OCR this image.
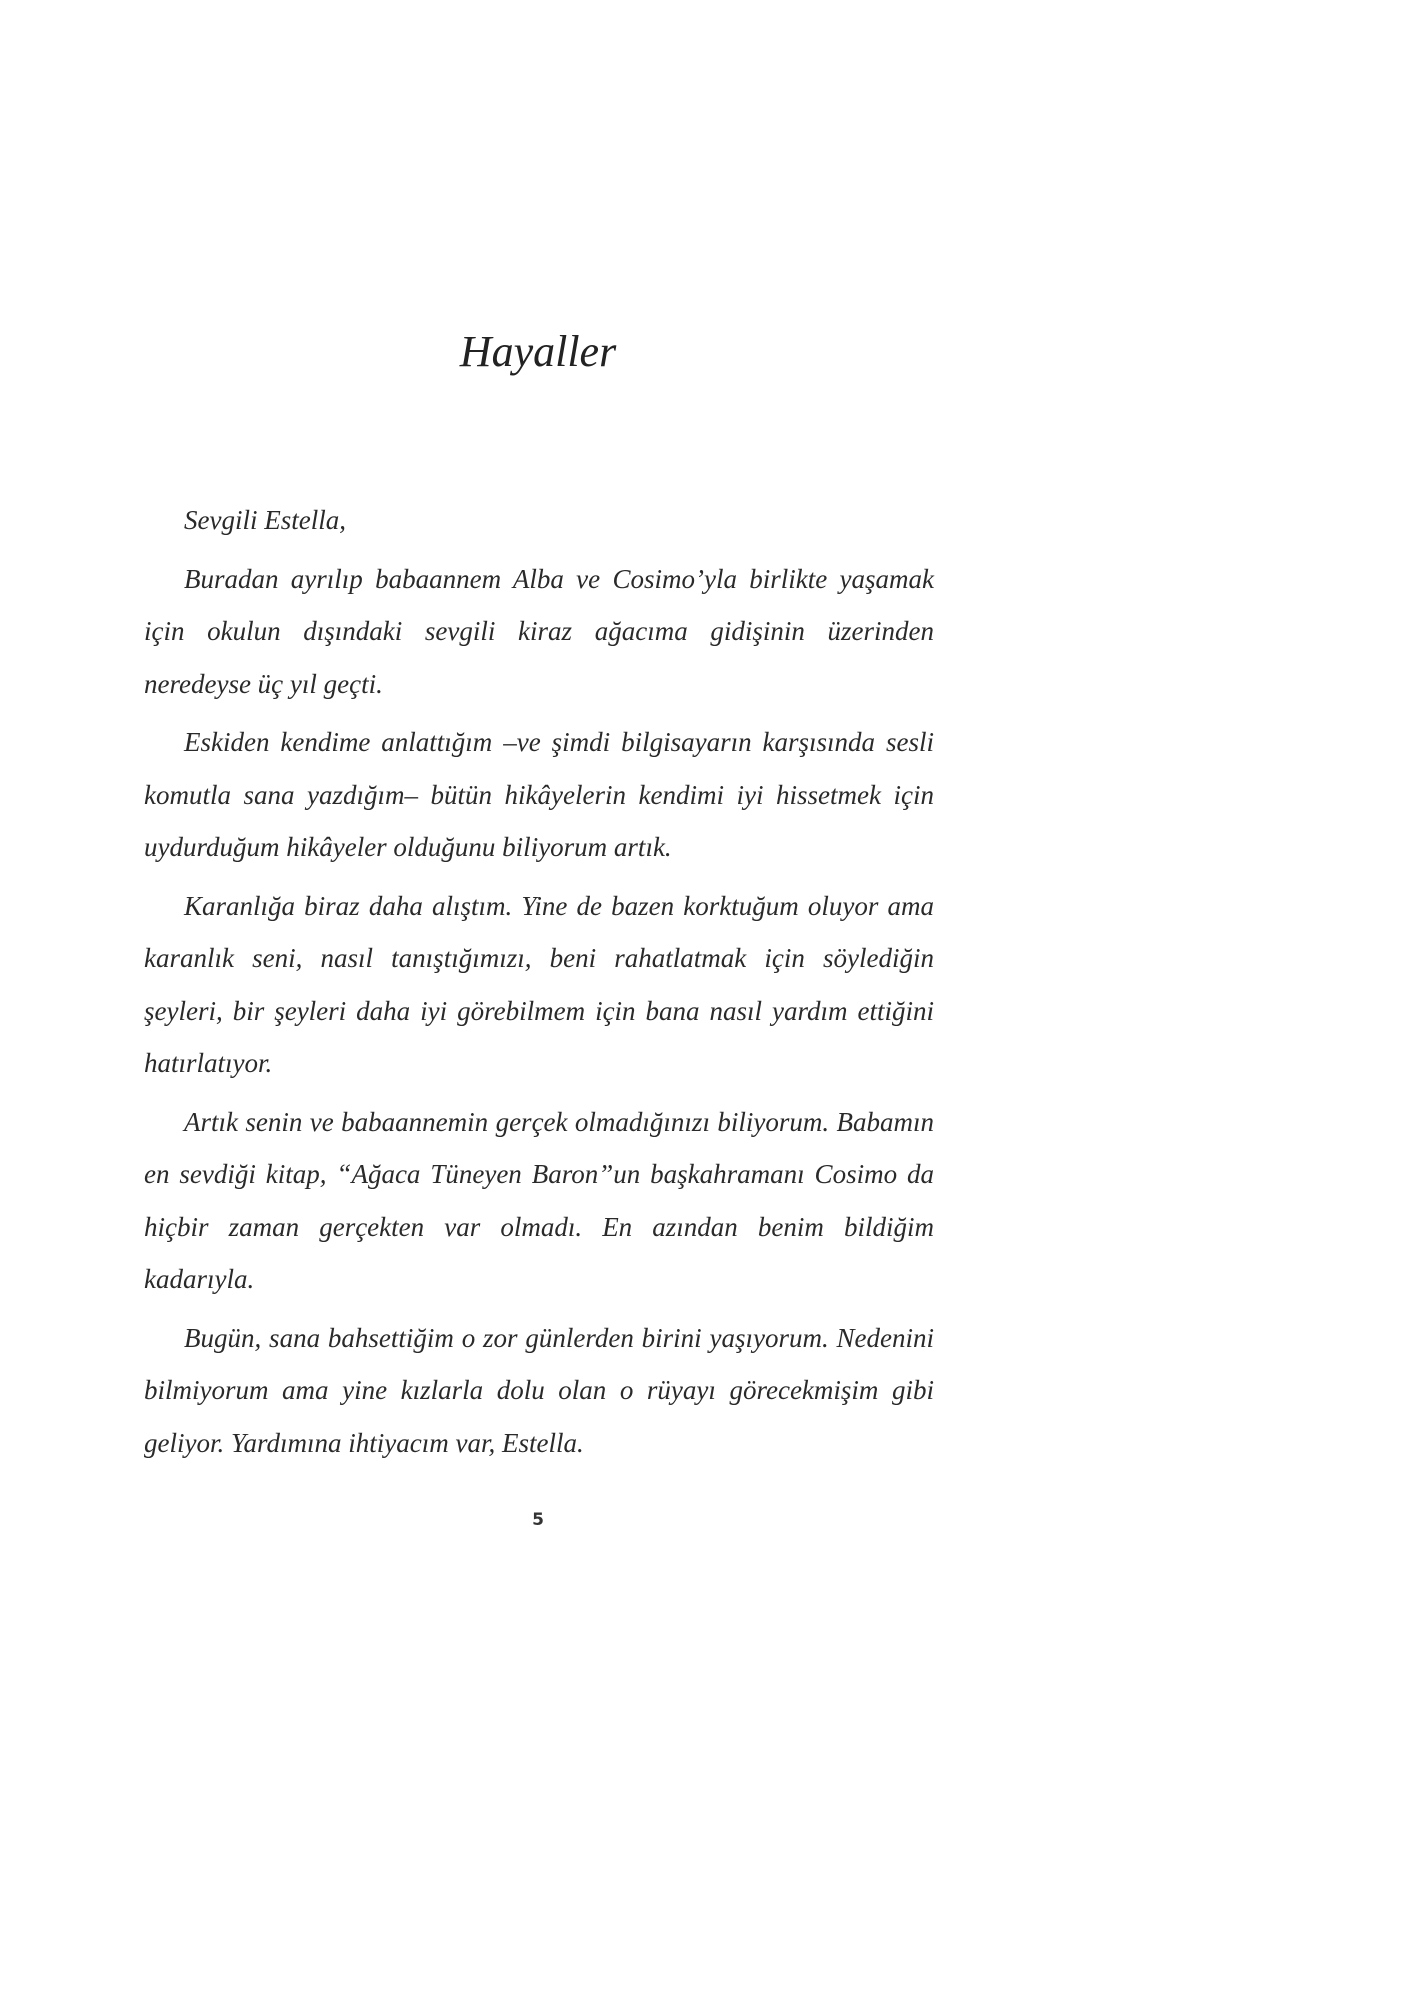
Hayaller

Sevgili Estella,

Buradan ayrılıp babaannem Alba ve Cosimo’yla birlikte yaşamak için okulun dışındaki sevgili kiraz ağacıma gidişinin üzerinden neredeyse üç yıl geçti.

Eskiden kendime anlattığım –ve şimdi bilgisayarın karşısında sesli komutla sana yazdığım– bütün hikâyelerin kendimi iyi hissetmek için uydurduğum hikâyeler olduğunu biliyorum artık.

Karanlığa biraz daha alıştım. Yine de bazen korktuğum oluyor ama karanlık seni, nasıl tanıştığımızı, beni rahatlatmak için söylediğin şeyleri, bir şeyleri daha iyi görebilmem için bana nasıl yardım ettiğini hatırlatıyor.

Artık senin ve babaannemin gerçek olmadığınızı biliyorum. Babamın en sevdiği kitap, “Ağaca Tüneyen Baron”un başkahramanı Cosimo da hiçbir zaman gerçekten var olmadı. En azından benim bildiğim kadarıyla.

Bugün, sana bahsettiğim o zor günlerden birini yaşıyorum. Nedenini bilmiyorum ama yine kızlarla dolu olan o rüyayı görecekmişim gibi geliyor. Yardımına ihtiyacım var, Estella.

5
